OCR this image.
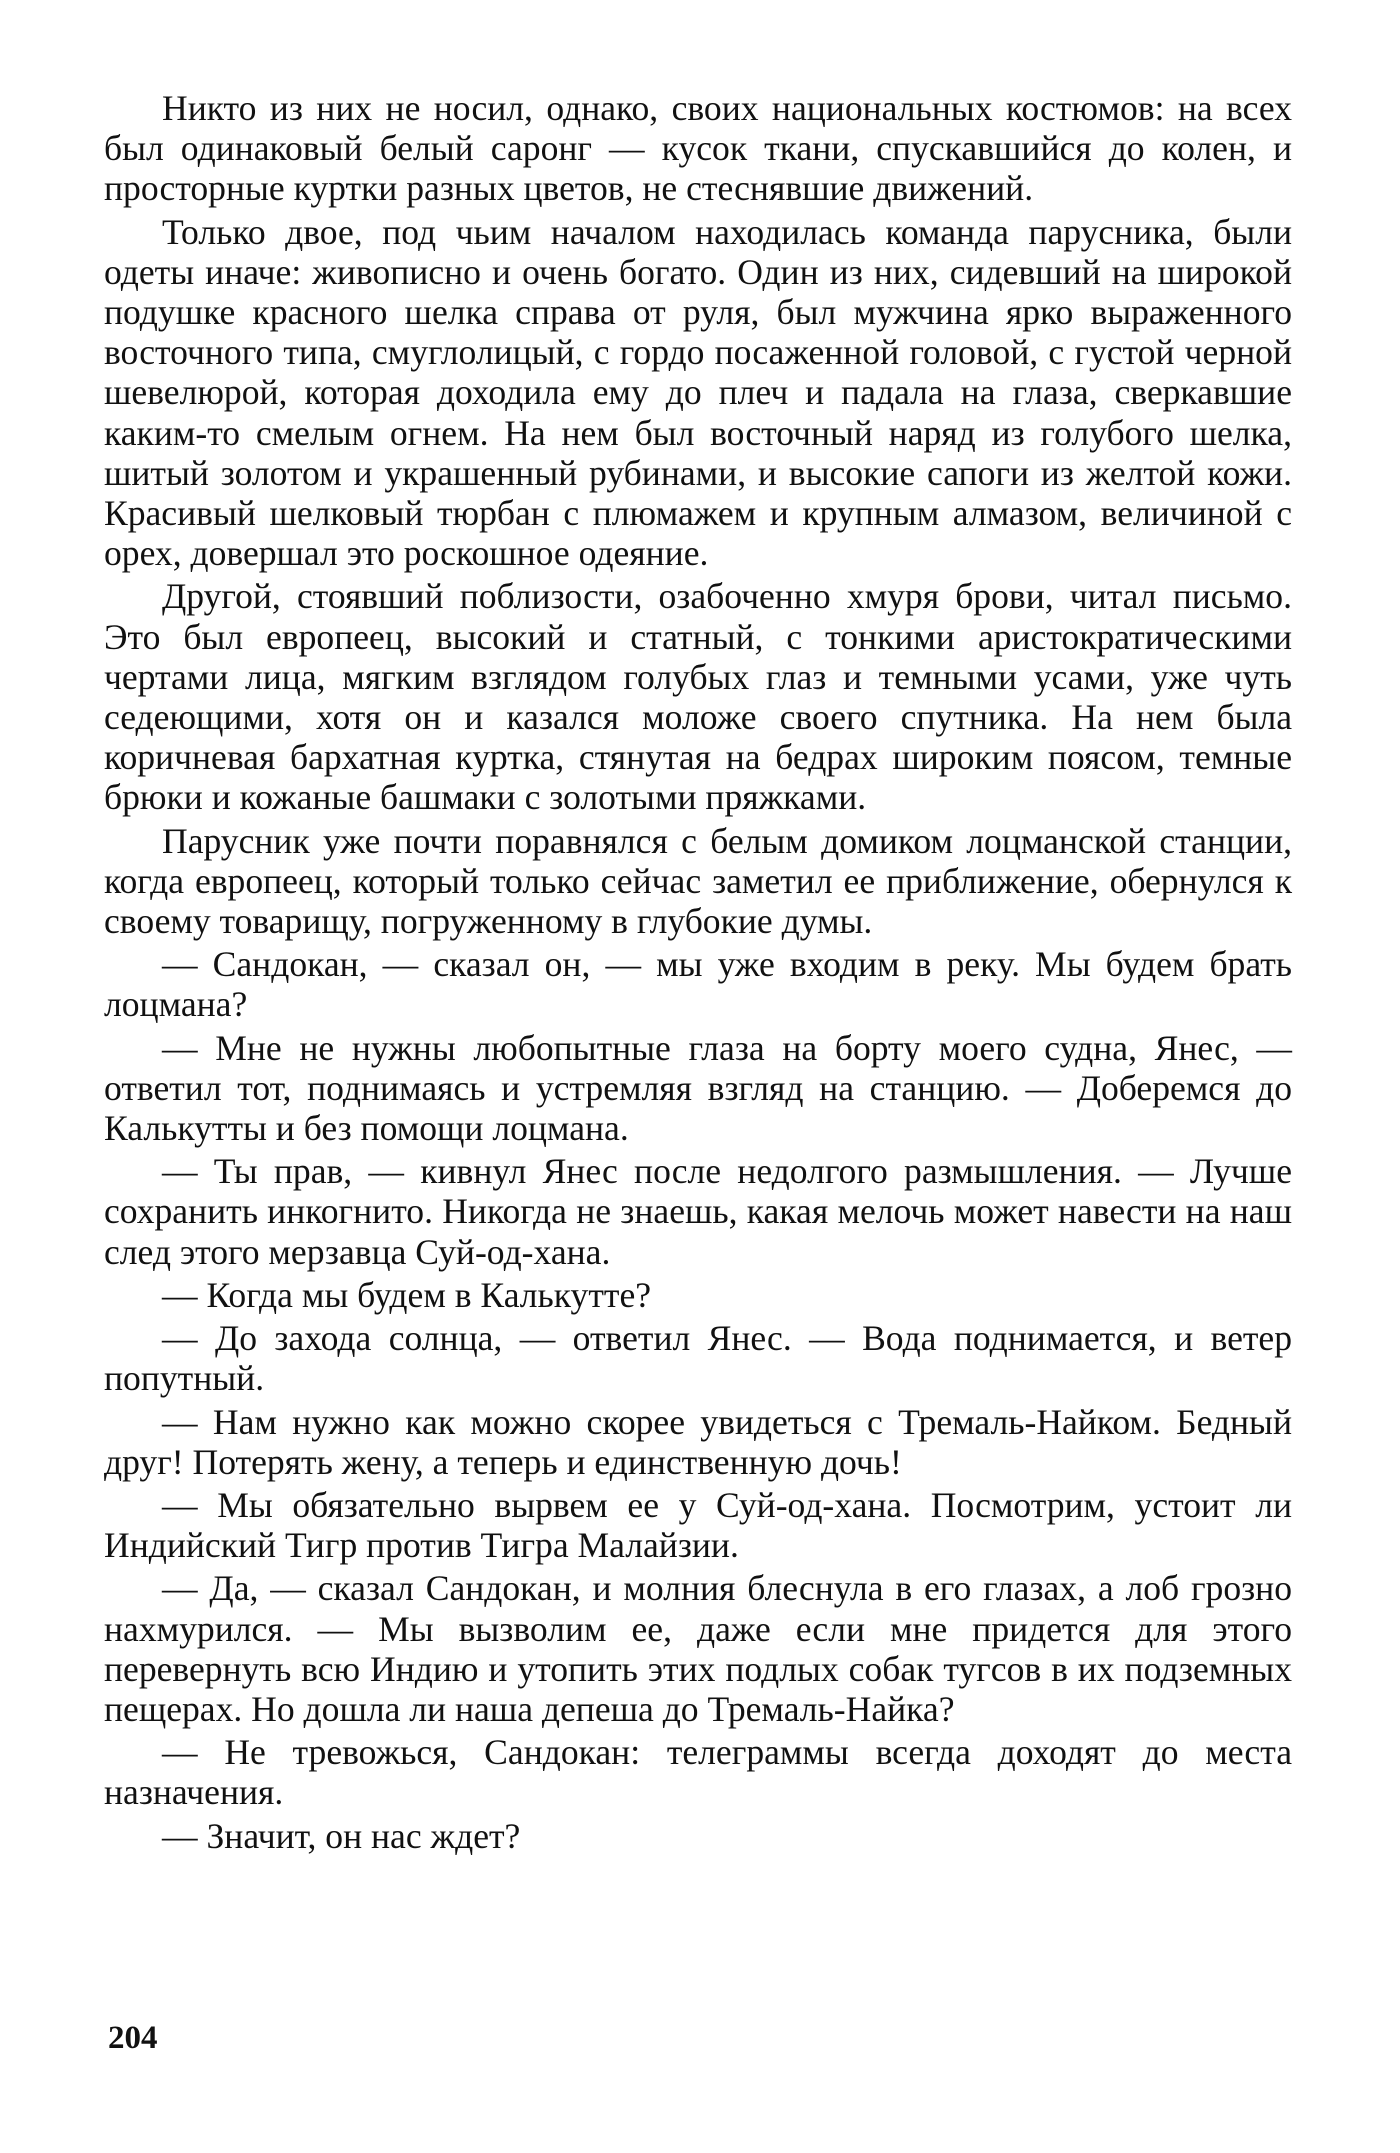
Никто из них не носил, однако, своих национальных костюмов: на всех был одинаковый белый саронг — кусок ткани, спускавшийся до колен, и просторные куртки разных цветов, не стеснявшие движений.

Только двое, под чьим началом находилась команда парусника, были одеты иначе: живописно и очень богато. Один из них, сидевший на широкой подушке красного шелка справа от руля, был мужчина ярко выраженного восточного типа, смуглолицый, с гордо посаженной головой, с густой черной шевелюрой, которая доходила ему до плеч и падала на глаза, сверкавшие каким-то смелым огнем. На нем был восточный наряд из голубого шелка, шитый золотом и украшенный рубинами, и высокие сапоги из желтой кожи. Красивый шелковый тюрбан с плюмажем и крупным алмазом, величиной с орех, довершал это роскошное одеяние.

Другой, стоявший поблизости, озабоченно хмуря брови, читал письмо. Это был европеец, высокий и статный, с тонкими аристократическими чертами лица, мягким взглядом голубых глаз и темными усами, уже чуть седеющими, хотя он и казался моложе своего спутника. На нем была коричневая бархатная куртка, стянутая на бедрах широким поясом, темные брюки и кожаные башмаки с золотыми пряжками.

Парусник уже почти поравнялся с белым домиком лоцманской станции, когда европеец, который только сейчас заметил ее приближение, обернулся к своему товарищу, погруженному в глубокие думы.

— Сандокан, — сказал он, — мы уже входим в реку. Мы будем брать лоцмана?

— Мне не нужны любопытные глаза на борту моего судна, Янес, — ответил тот, поднимаясь и устремляя взгляд на станцию. — Доберемся до Калькутты и без помощи лоцмана.

— Ты прав, — кивнул Янес после недолгого размышления. — Лучше сохранить инкогнито. Никогда не знаешь, какая мелочь может навести на наш след этого мерзавца Суй-од-хана.

— Когда мы будем в Калькутте?

— До захода солнца, — ответил Янес. — Вода поднимается, и ветер попутный.

— Нам нужно как можно скорее увидеться с Тремаль-Найком. Бедный друг! Потерять жену, а теперь и единственную дочь!

— Мы обязательно вырвем ее у Суй-од-хана. Посмотрим, устоит ли Индийский Тигр против Тигра Малайзии.

— Да, — сказал Сандокан, и молния блеснула в его глазах, а лоб грозно нахмурился. — Мы вызволим ее, даже если мне придется для этого перевернуть всю Индию и утопить этих подлых собак тугсов в их подземных пещерах. Но дошла ли наша депеша до Тремаль-Найка?

— Не тревожься, Сандокан: телеграммы всегда доходят до места назначения.

— Значит, он нас ждет?

204
